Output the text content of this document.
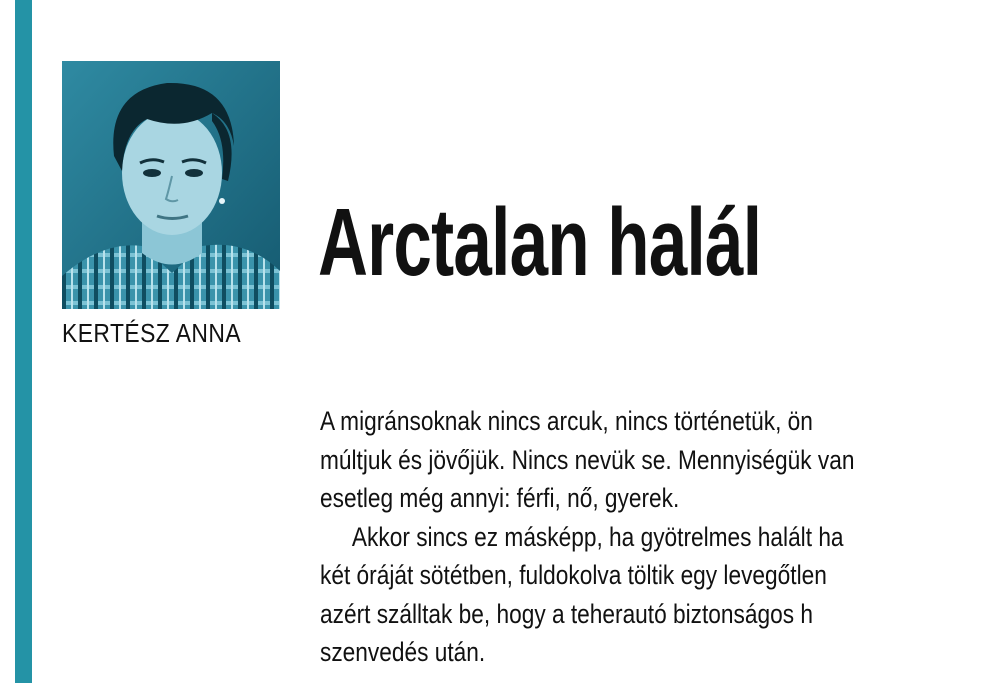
KERTÉSZ ANNA
Arctalan halál
A migránsoknak nincs arcuk, nincs történetük, ön
múltjuk és jövőjük. Nincs nevük se. Mennyiségük van
esetleg még annyi: férfi, nő, gyerek.
Akkor sincs ez másképp, ha gyötrelmes halált ha
két óráját sötétben, fuldokolva töltik egy levegőtlen
azért szálltak be, hogy a teherautó biztonságos h
szenvedés után.
